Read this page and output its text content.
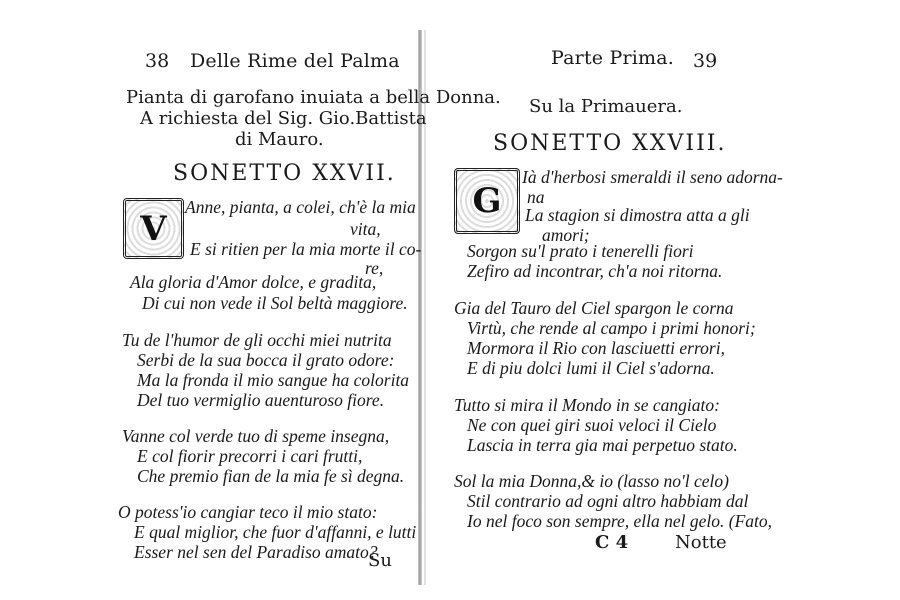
38 Delle Rime del Palma
Pianta di garofano inuiata a bella Donna.
A richiesta del Sig. Gio.Battista
di Mauro.
SONETTO XXVII.
V
Anne, pianta, a colei, ch'è la mia
vita,
E si ritien per la mia morte il co-
re,
Ala gloria d'Amor dolce, e gradita,
Di cui non vede il Sol beltà maggiore.
Tu de l'humor de gli occhi miei nutrita
Serbi de la sua bocca il grato odore:
Ma la fronda il mio sangue ha colorita
Del tuo vermiglio auenturoso fiore.
Vanne col verde tuo di speme insegna,
E col fiorir precorri i cari frutti,
Che premio fian de la mia fe sì degna.
O potess'io cangiar teco il mio stato:
E qual miglior, che fuor d'affanni, e lutti
Esser nel sen del Paradiso amato?
Su
Parte Prima. 39
Su la Primauera.
SONETTO XXVIII.
G
Ià d'herbosi smeraldi il seno adorna-
na
La stagion si dimostra atta a gli
amori;
Sorgon su'l prato i tenerelli fiori
Zefiro ad incontrar, ch'a noi ritorna.
Gia del Tauro del Ciel spargon le corna
Virtù, che rende al campo i primi honori;
Mormora il Rio con lasciuetti errori,
E di piu dolci lumi il Ciel s'adorna.
Tutto si mira il Mondo in se cangiato:
Ne con quei giri suoi veloci il Cielo
Lascia in terra gia mai perpetuo stato.
Sol la mia Donna,& io (lasso no'l celo)
Stil contrario ad ogni altro habbiam dal
Io nel foco son sempre, ella nel gelo. (Fato,
C 4	Notte
